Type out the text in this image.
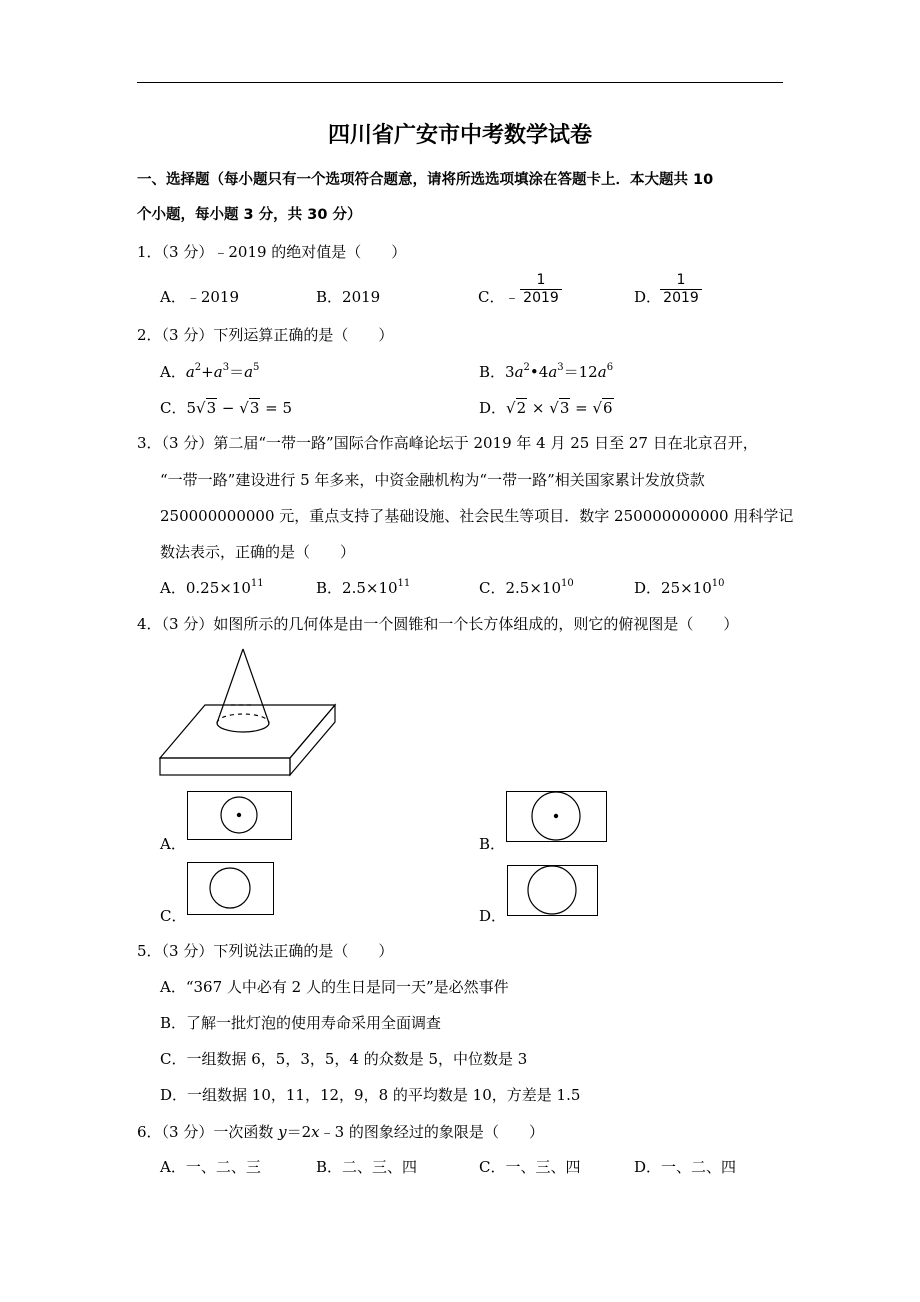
四川省广安市中考数学试卷
一、选择题（每小题只有一个选项符合题意，请将所选选项填涂在答题卡上．本大题共 10
个小题，每小题 3 分，共 30 分）
1．（3 分）﹣2019 的绝对值是（　　）
A．﹣2019	B．2019	C．﹣
1
2019	D．
1
2019
2．（3 分）下列运算正确的是（　　）
A．$a^2+a^3=a^5$	B．$3a^2•4a^3=12a^6$
C．5√3 − √3 = 5	D．√2 × √3 = √6
3．（3 分）第二届“一带一路”国际合作高峰论坛于 2019 年 4 月 25 日至 27 日在北京召开，
“一带一路”建设进行 5 年多来，中资金融机构为“一带一路”相关国家累计发放贷款
250000000000 元，重点支持了基础设施、社会民生等项目．数字 250000000000 用科学记
数法表示，正确的是（　　）
A．$0.25\times 10^{11}$	B．$2.5\times 10^{11}$	C．$2.5\times 10^{10}$	D．$25\times 10^{10}$
4．（3 分）如图所示的几何体是由一个圆锥和一个长方体组成的，则它的俯视图是（　　）
A．	B．
C．	D．
5．（3 分）下列说法正确的是（　　）
A．“367 人中必有 2 人的生日是同一天”是必然事件
B．了解一批灯泡的使用寿命采用全面调查
C．一组数据 6，5，3，5，4 的众数是 5，中位数是 3
D．一组数据 10，11，12，9，8 的平均数是 10，方差是 1.5
6．（3 分）一次函数 y＝2x﹣3 的图象经过的象限是（　　）
A．一、二、三	B．二、三、四	C．一、三、四	D．一、二、四
